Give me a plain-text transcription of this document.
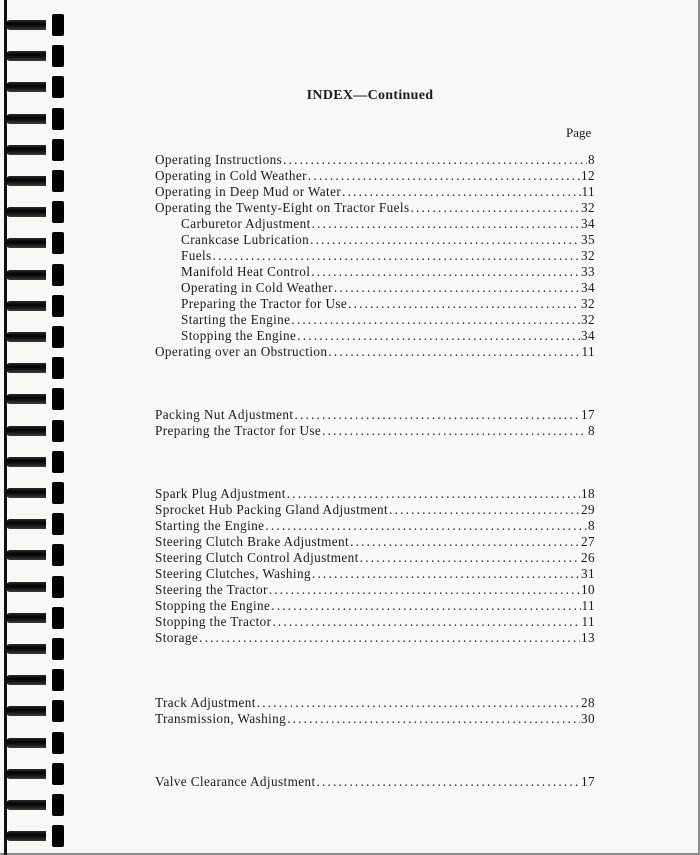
INDEX—Continued
Page
Operating Instructions .....	8
Operating in Cold Weather .....	12
Operating in Deep Mud or Water .....	11
Operating the Twenty-Eight on Tractor Fuels .....	32
Carburetor Adjustment .....	34
Crankcase Lubrication .....	35
Fuels .....	32
Manifold Heat Control .....	33
Operating in Cold Weather .....	34
Preparing the Tractor for Use .....	32
Starting the Engine .....	32
Stopping the Engine .....	34
Operating over an Obstruction .....	11
Packing Nut Adjustment .....	17
Preparing the Tractor for Use .....	8
Spark Plug Adjustment .....	18
Sprocket Hub Packing Gland Adjustment .....	29
Starting the Engine .....	8
Steering Clutch Brake Adjustment .....	27
Steering Clutch Control Adjustment .....	26
Steering Clutches, Washing .....	31
Steering the Tractor .....	10
Stopping the Engine .....	11
Stopping the Tractor .....	11
Storage .....	13
Track Adjustment .....	28
Transmission, Washing .....	30
Valve Clearance Adjustment .....	17
